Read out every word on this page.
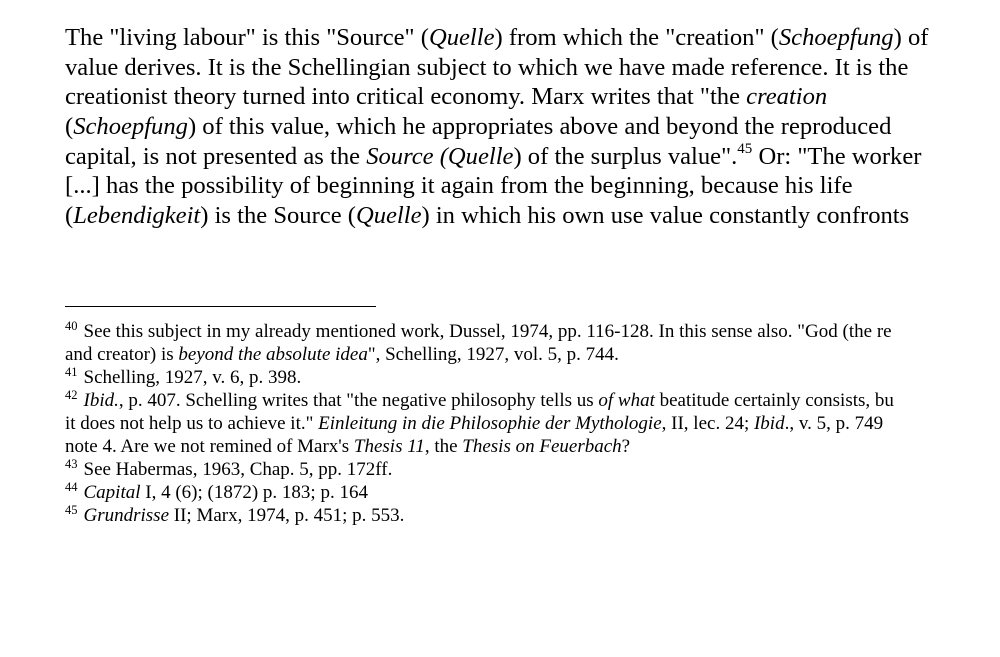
The "living labour" is this "Source" (Quelle) from which the "creation" (Schoepfung) of
value derives. It is the Schellingian subject to which we have made reference. It is the
creationist theory turned into critical economy. Marx writes that "the creation
(Schoepfung) of this value, which he appropriates above and beyond the reproduced
capital, is not presented as the Source (Quelle) of the surplus value".$^{45}$ Or: "The worker
[...] has the possibility of beginning it again from the beginning, because his life
(Lebendigkeit) is the Source (Quelle) in which his own use value constantly confronts
$^{40}$ See this subject in my already mentioned work, Dussel, 1974, pp. 116-128. In this sense also. "God (the re
and creator) is beyond the absolute idea", Schelling, 1927, vol. 5, p. 744.
$^{41}$ Schelling, 1927, v. 6, p. 398.
$^{42}$ Ibid., p. 407. Schelling writes that "the negative philosophy tells us of what beatitude certainly consists, bu
it does not help us to achieve it." Einleitung in die Philosophie der Mythologie, II, lec. 24; Ibid., v. 5, p. 749
note 4. Are we not remined of Marx's Thesis 11, the Thesis on Feuerbach?
$^{43}$ See Habermas, 1963, Chap. 5, pp. 172ff.
$^{44}$ Capital I, 4 (6); (1872) p. 183; p. 164
$^{45}$ Grundrisse II; Marx, 1974, p. 451; p. 553.
